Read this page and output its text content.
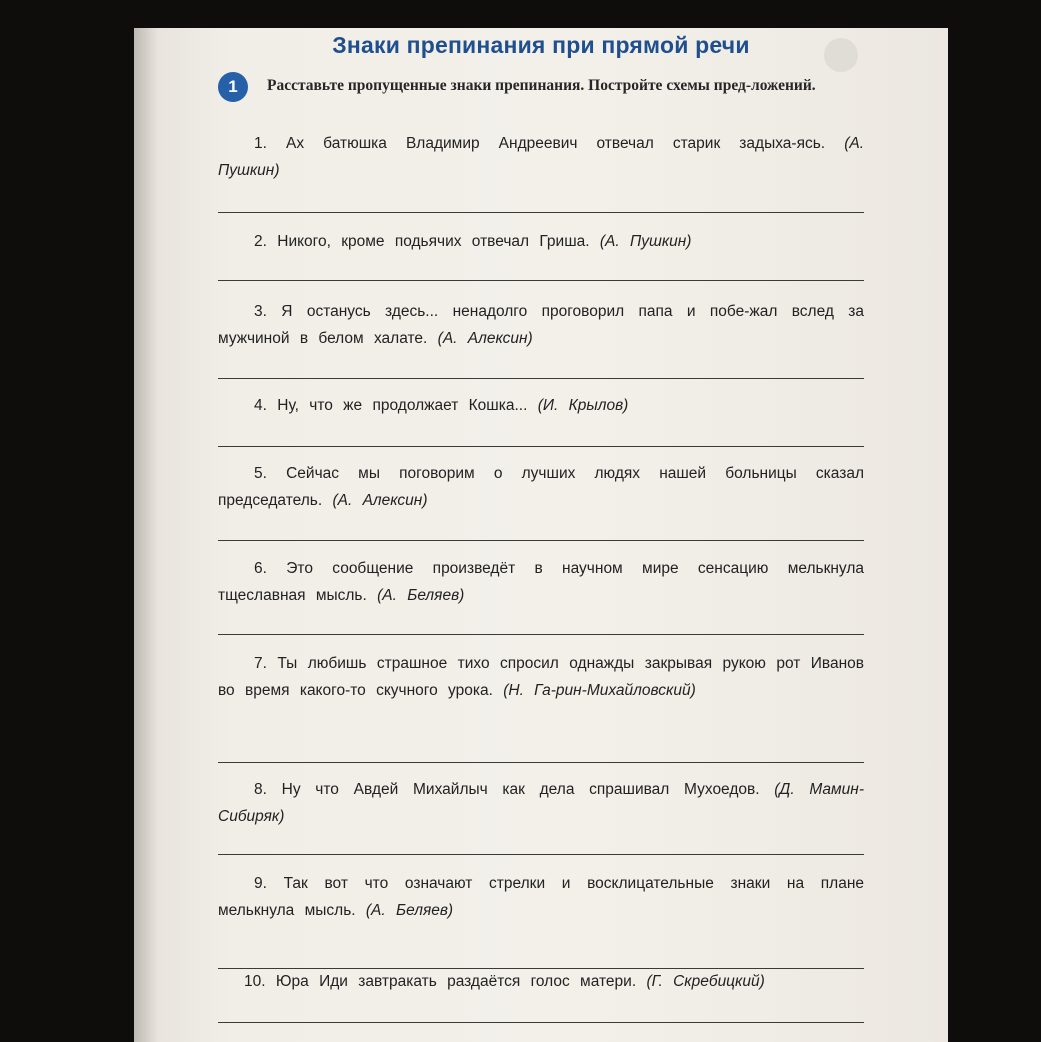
Знаки препинания при прямой речи
1	Расставьте пропущенные знаки препинания. Постройте схемы пред-ложений.
1. Ах батюшка Владимир Андреевич отвечал старик задыха-ясь. (А. Пушкин)
2. Никого, кроме подьячих отвечал Гриша. (А. Пушкин)
3. Я останусь здесь... ненадолго проговорил папа и побе-жал вслед за мужчиной в белом халате. (А. Алексин)
4. Ну, что же продолжает Кошка... (И. Крылов)
5. Сейчас мы поговорим о лучших людях нашей больницы сказал председатель. (А. Алексин)
6. Это сообщение произведёт в научном мире сенсацию мелькнула тщеславная мысль. (А. Беляев)
7. Ты любишь страшное тихо спросил однажды закрывая рукою рот Иванов во время какого-то скучного урока. (Н. Га-рин-Михайловский)
8. Ну что Авдей Михайлыч как дела спрашивал Мухоедов. (Д. Мамин-Сибиряк)
9. Так вот что означают стрелки и восклицательные знаки на плане мелькнула мысль. (А. Беляев)
10. Юра Иди завтракать раздаётся голос матери. (Г. Скребицкий)
